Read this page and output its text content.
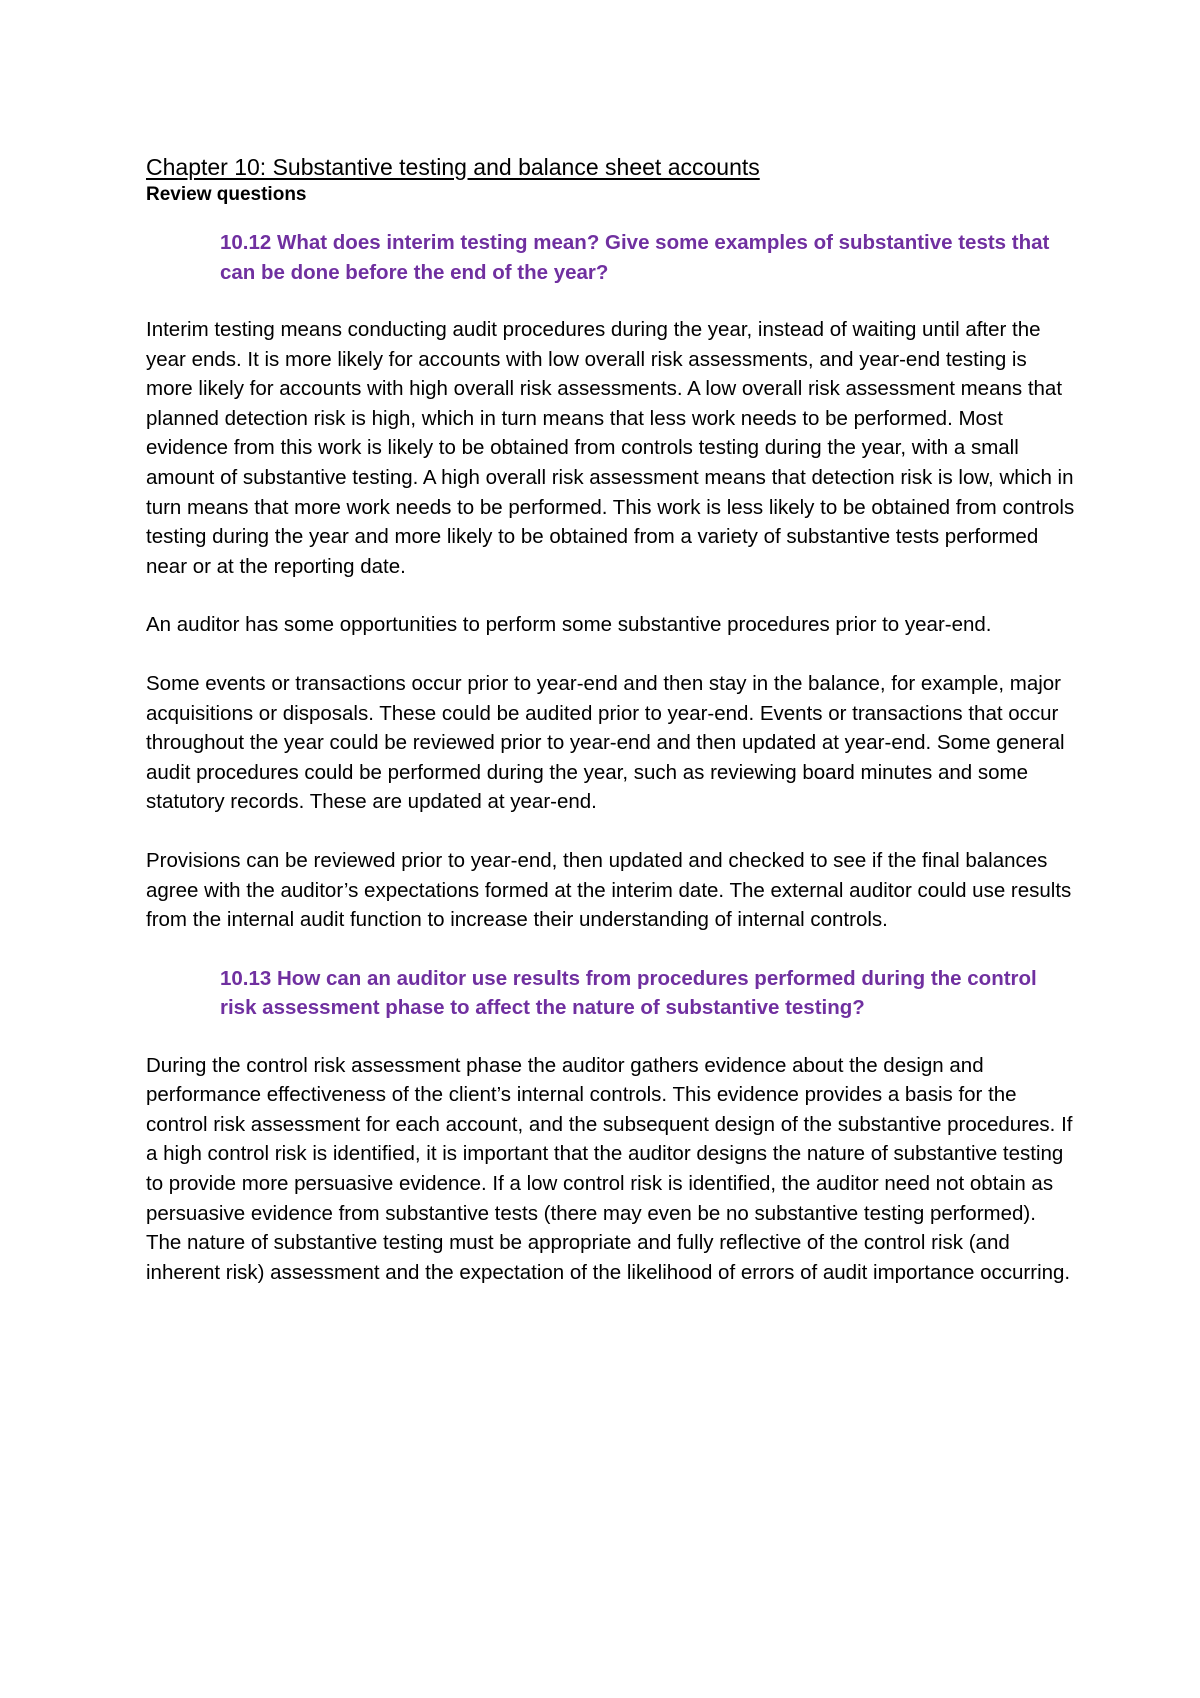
Chapter 10: Substantive testing and balance sheet accounts
Review questions
10.12 What does interim testing mean? Give some examples of substantive tests that can be done before the end of the year?

Interim testing means conducting audit procedures during the year, instead of waiting until after the year ends. It is more likely for accounts with low overall risk assessments, and year-end testing is more likely for accounts with high overall risk assessments. A low overall risk assessment means that planned detection risk is high, which in turn means that less work needs to be performed. Most evidence from this work is likely to be obtained from controls testing during the year, with a small amount of substantive testing. A high overall risk assessment means that detection risk is low, which in turn means that more work needs to be performed. This work is less likely to be obtained from controls testing during the year and more likely to be obtained from a variety of substantive tests performed near or at the reporting date.

An auditor has some opportunities to perform some substantive procedures prior to year-end.

Some events or transactions occur prior to year-end and then stay in the balance, for example, major acquisitions or disposals. These could be audited prior to year-end. Events or transactions that occur throughout the year could be reviewed prior to year-end and then updated at year-end. Some general audit procedures could be performed during the year, such as reviewing board minutes and some statutory records. These are updated at year-end.

Provisions can be reviewed prior to year-end, then updated and checked to see if the final balances agree with the auditor’s expectations formed at the interim date. The external auditor could use results from the internal audit function to increase their understanding of internal controls.

10.13 How can an auditor use results from procedures performed during the control risk assessment phase to affect the nature of substantive testing?

During the control risk assessment phase the auditor gathers evidence about the design and performance effectiveness of the client’s internal controls. This evidence provides a basis for the control risk assessment for each account, and the subsequent design of the substantive procedures. If a high control risk is identified, it is important that the auditor designs the nature of substantive testing to provide more persuasive evidence. If a low control risk is identified, the auditor need not obtain as persuasive evidence from substantive tests (there may even be no substantive testing performed). The nature of substantive testing must be appropriate and fully reflective of the control risk (and inherent risk) assessment and the expectation of the likelihood of errors of audit importance occurring.
